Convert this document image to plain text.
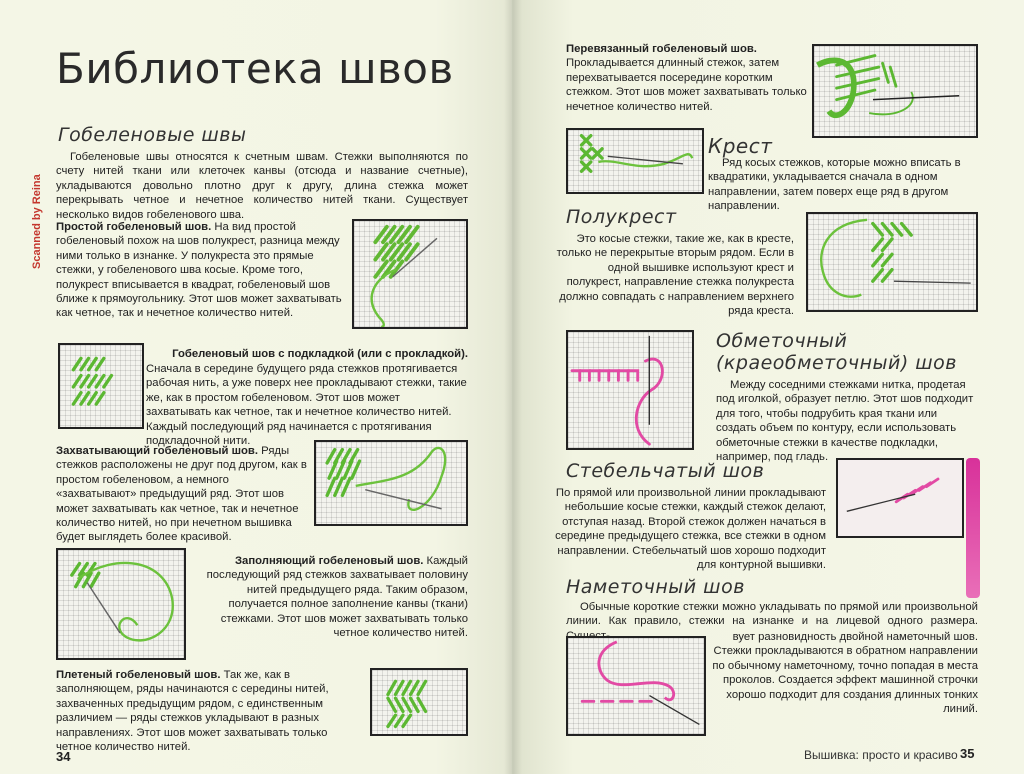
Библиотека швов
Scanned by Reina
Гобеленовые швы
Гобеленовые швы относятся к счетным швам. Стежки выполняются по счету нитей ткани или клеточек канвы (отсюда и название счетные), укладываются довольно плотно друг к другу, длина стежка может перекрывать четное и нечетное количество нитей ткани. Существует несколько видов гобеленового шва.
Простой гобеленовый шов. На вид простой гобеленовый похож на шов полукрест, разница между ними только в изнанке. У полукреста это прямые стежки, у гобеленового шва косые. Кроме того, полукрест вписывается в квадрат, гобеленовый шов ближе к прямоугольнику. Этот шов может захватывать как четное, так и нечетное количество нитей.
Гобеленовый шов с подкладкой (или с прокладкой).
Сначала в середине будущего ряда стежков протягивается рабочая нить, а уже поверх нее прокладывают стежки, такие же, как в простом гобеленовом. Этот шов может захватывать как четное, так и нечетное количество нитей. Каждый последующий ряд начинается с протягивания подкладочной нити.
Захватывающий гобеленовый шов. Ряды стежков расположены не друг под другом, как в простом гобеленовом, а немного «захватывают» предыдущий ряд. Этот шов может захватывать как четное, так и нечетное количество нитей, но при нечетном вышивка будет выглядеть более красивой.
Заполняющий гобеленовый шов. Каждый последующий ряд стежков захватывает половину нитей предыдущего ряда. Таким образом, получается полное заполнение канвы (ткани) стежками. Этот шов может захватывать только четное количество нитей.
Плетеный гобеленовый шов. Так же, как в заполняющем, ряды начинаются с середины нитей, захваченных предыдущим рядом, с единственным различием — ряды стежков укладывают в разных направлениях. Этот шов может захватывать только четное количество нитей.
34
Перевязанный гобеленовый шов. Прокладывается длинный стежок, затем перехватывается посередине коротким стежком. Этот шов может захватывать только нечетное количество нитей.
Крест
Ряд косых стежков, которые можно вписать в квадратики, укладывается сначала в одном направлении, затем поверх еще ряд в другом направлении.
Полукрест
Это косые стежки, такие же, как в кресте, только не перекрытые вторым рядом. Если в одной вышивке используют крест и полукрест, направление стежка полукреста должно совпадать с направлением верхнего ряда креста.
Обметочный
(краеобметочный) шов
Между соседними стежками нитка, продетая под иголкой, образует петлю. Этот шов подходит для того, чтобы подрубить края ткани или создать объем по контуру, если использовать обметочные стежки в качестве подкладки, например, под гладь.
Стебельчатый шов
По прямой или произвольной линии прокладывают небольшие косые стежки, каждый стежок делают, отступая назад. Второй стежок должен начаться в середине предыдущего стежка, все стежки в одном направлении. Стебельчатый шов хорошо подходит для контурной вышивки.
Наметочный шов
Обычные короткие стежки можно укладывать по прямой или произвольной линии. Как правило, стежки на изнанке и на лицевой одного размера.
вует разновидность двойной наметочный шов. Стежки прокладываются в обратном направлении по обычному наметочному, точно попадая в места проколов. Создается эффект машинной строчки хорошо подходит для создания длинных тонких линий.
Вышивка: просто и красиво 35
